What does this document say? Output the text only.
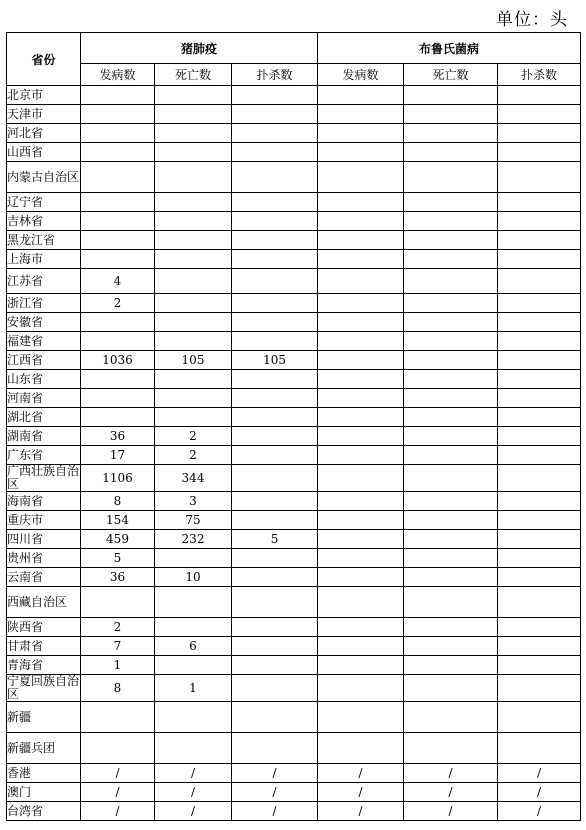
单位：头
省份	猪肺疫			布鲁氏菌病		
	发病数	死亡数	扑杀数	发病数	死亡数	扑杀数
北京市						
天津市						
河北省						
山西省						
内蒙古自治区						
辽宁省						
吉林省						
黑龙江省						
上海市						
江苏省	4					
浙江省	2					
安徽省						
福建省						
江西省	1036	105	105			
山东省						
河南省						
湖北省						
湖南省	36	2				
广东省	17	2				
广西壮族自治区	1106	344				
海南省	8	3				
重庆市	154	75				
四川省	459	232	5			
贵州省	5					
云南省	36	10				
西藏自治区						
陕西省	2					
甘肃省	7	6				
青海省	1					
宁夏回族自治区	8	1				
新疆						
新疆兵团						
香港	/	/	/	/	/	/
澳门	/	/	/	/	/	/
台湾省	/	/	/	/	/	/
